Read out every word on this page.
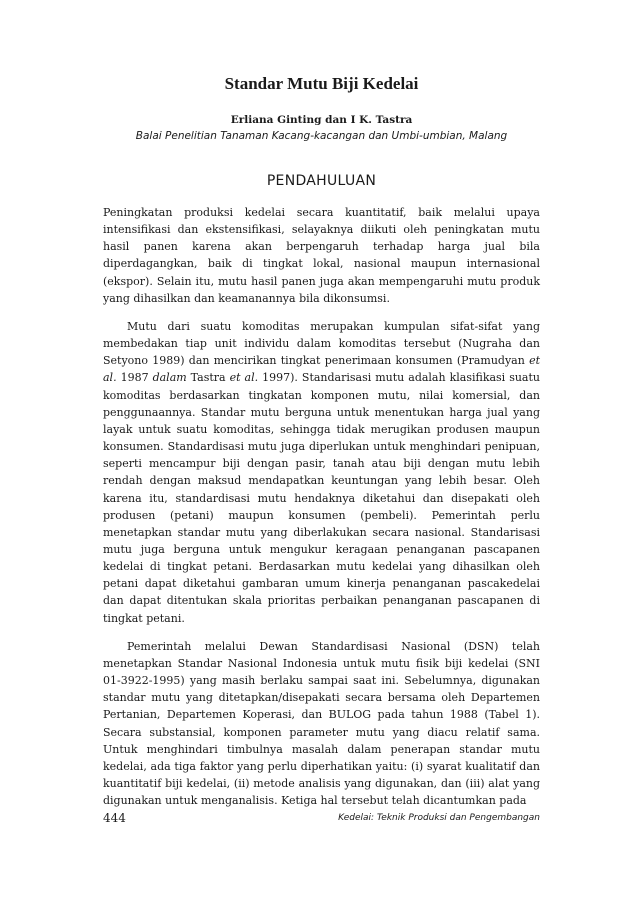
Standar Mutu Biji Kedelai
Erliana Ginting dan I K. Tastra
Balai Penelitian Tanaman Kacang-kacangan dan Umbi-umbian, Malang
PENDAHULUAN

Peningkatan produksi kedelai secara kuantitatif, baik melalui upaya intensifikasi dan ekstensifikasi, selayaknya diikuti oleh peningkatan mutu hasil panen karena akan berpengaruh terhadap harga jual bila diperdagangkan, baik di tingkat lokal, nasional maupun internasional (ekspor). Selain itu, mutu hasil panen juga akan mempengaruhi mutu produk yang dihasilkan dan keamanannya bila dikonsumsi.

Mutu dari suatu komoditas merupakan kumpulan sifat-sifat yang membedakan tiap unit individu dalam komoditas tersebut (Nugraha dan Setyono 1989) dan mencirikan tingkat penerimaan konsumen (Pramudyan et al. 1987 dalam Tastra et al. 1997). Standarisasi mutu adalah klasifikasi suatu komoditas berdasarkan tingkatan komponen mutu, nilai komersial, dan penggunaannya. Standar mutu berguna untuk menentukan harga jual yang layak untuk suatu komoditas, sehingga tidak merugikan produsen maupun konsumen. Standardisasi mutu juga diperlukan untuk menghindari penipuan, seperti mencampur biji dengan pasir, tanah atau biji dengan mutu lebih rendah dengan maksud mendapatkan keuntungan yang lebih besar. Oleh karena itu, standardisasi mutu hendaknya diketahui dan disepakati oleh produsen (petani) maupun konsumen (pembeli). Pemerintah perlu menetapkan standar mutu yang diberlakukan secara nasional. Standarisasi mutu juga berguna untuk mengukur keragaan penanganan pascapanen kedelai di tingkat petani. Berdasarkan mutu kedelai yang dihasilkan oleh petani dapat diketahui gambaran umum kinerja penanganan pascakedelai dan dapat ditentukan skala prioritas perbaikan penanganan pascapanen di tingkat petani.

Pemerintah melalui Dewan Standardisasi Nasional (DSN) telah menetapkan Standar Nasional Indonesia untuk mutu fisik biji kedelai (SNI 01-3922-1995) yang masih berlaku sampai saat ini. Sebelumnya, digunakan standar mutu yang ditetapkan/disepakati secara bersama oleh Departemen Pertanian, Departemen Koperasi, dan BULOG pada tahun 1988 (Tabel 1). Secara substansial, komponen parameter mutu yang diacu relatif sama. Untuk menghindari timbulnya masalah dalam penerapan standar mutu kedelai, ada tiga faktor yang perlu diperhatikan yaitu: (i) syarat kualitatif dan kuantitatif biji kedelai, (ii) metode analisis yang digunakan, dan (iii) alat yang digunakan untuk menganalisis. Ketiga hal tersebut telah dicantumkan pada

444	Kedelai: Teknik Produksi dan Pengembangan
